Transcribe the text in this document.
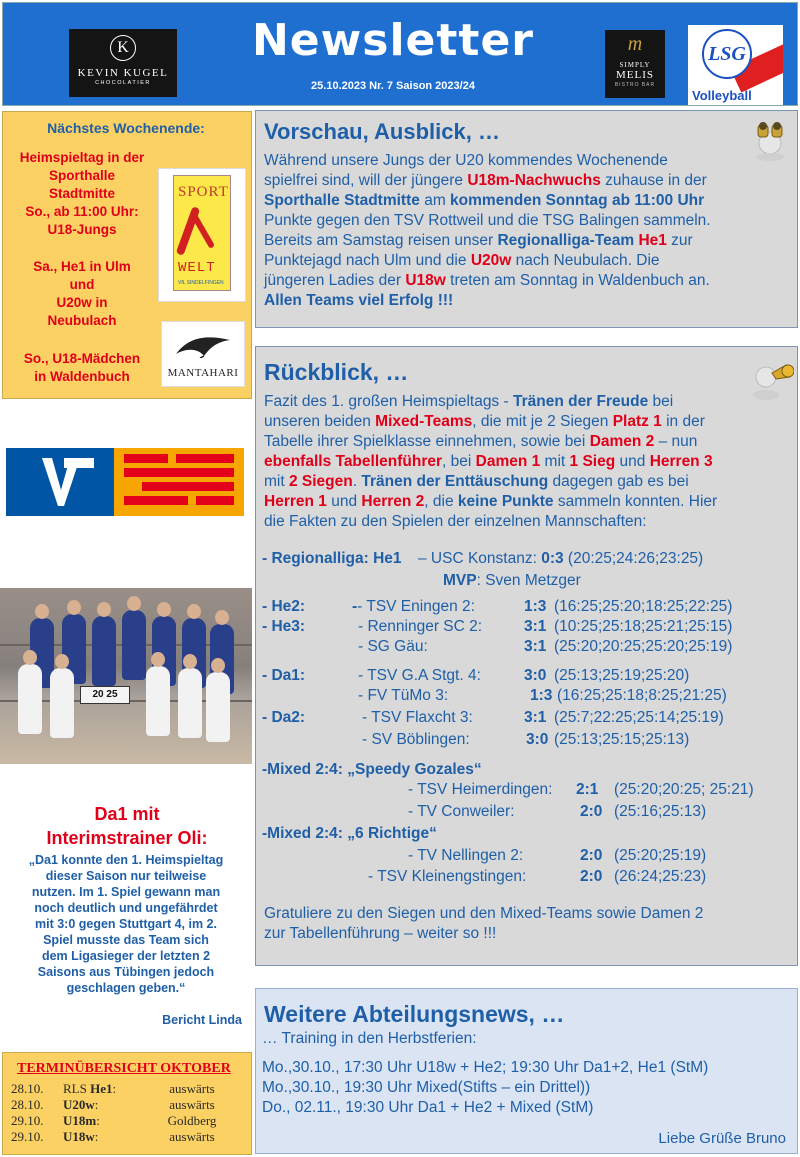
K
KEVIN KUGEL
CHOCOLATIER
Newsletter
25.10.2023 Nr. 7 Saison 2023/24
m
SIMPLY
MELIS
BISTRO BAR
LSG
Volleyball
Nächstes Wochenende:
Heimspieltag in der
Sporthalle
Stadtmitte
So., ab 11:00 Uhr:
U18-Jungs
Sa., He1 in Ulm
und
U20w in
Neubulach
So., U18-Mädchen
in Waldenbuch
SPORT
WELT
VfL SINDELFINGEN
MANTAHARI
20 25
Da1 mit
Interimstrainer Oli:
„Da1 konnte den 1. Heimspieltag
dieser Saison nur teilweise
nutzen. Im 1. Spiel gewann man
noch deutlich und ungefährdet
mit 3:0 gegen Stuttgart 4, im 2.
Spiel musste das Team sich
dem Ligasieger der letzten 2
Saisons aus Tübingen jedoch
geschlagen geben.“
Bericht Linda
TERMINÜBERSICHT OKTOBER
28.10. RLS He1:	auswärts
28.10. U20w:	auswärts
29.10. U18m:	Goldberg
29.10. U18w:	auswärts
Vorschau, Ausblick, …
Während unsere Jungs der U20 kommendes Wochenende
spielfrei sind, will der jüngere U18m-Nachwuchs zuhause in der
Sporthalle Stadtmitte am kommenden Sonntag ab 11:00 Uhr
Punkte gegen den TSV Rottweil und die TSG Balingen sammeln.
Bereits am Samstag reisen unser Regionalliga-Team He1 zur
Punktejagd nach Ulm und die U20w nach Neubulach. Die
jüngeren Ladies der U18w treten am Sonntag in Waldenbuch an.
Allen Teams viel Erfolg !!!
Rückblick, …
Fazit des 1. großen Heimspieltags - Tränen der Freude bei
unseren beiden Mixed-Teams, die mit je 2 Siegen Platz 1 in der
Tabelle ihrer Spielklasse einnehmen, sowie bei Damen 2 – nun
ebenfalls Tabellenführer, bei Damen 1 mit 1 Sieg und Herren 3
mit 2 Siegen. Tränen der Enttäuschung dagegen gab es bei
Herren 1 und Herren 2, die keine Punkte sammeln konnten. Hier
die Fakten zu den Spielen der einzelnen Mannschaften:
- Regionalliga: He1 – USC Konstanz: 0:3 (20:25;24:26;23:25)
MVP: Sven Metzger
- He2:	-- TSV Eningen 2:	1:3 (16:25;25:20;18:25;22:25)
- He3:	- Renninger SC 2:	3:1 (10:25;25:18;25:21;25:15)
- SG Gäu:	3:1 (25:20;20:25;25:20;25:19)
- Da1:	- TSV G.A Stgt. 4:	3:0 (25:13;25:19;25:20)
- FV TüMo 3:	1:3 (16:25;25:18;8:25;21:25)
- Da2:	- TSV Flaxcht 3:	3:1 (25:7;22:25;25:14;25:19)
- SV Böblingen:	3:0 (25:13;25:15;25:13)
-Mixed 2:4: „Speedy Gozales“
- TSV Heimerdingen: 2:1 (25:20;20:25; 25:21)
- TV Conweiler:	2:0 (25:16;25:13)
-Mixed 2:4: „6 Richtige“
- TV Nellingen 2:	2:0 (25:20;25:19)
- TSV Kleinengstingen:	2:0 (26:24;25:23)
Gratuliere zu den Siegen und den Mixed-Teams sowie Damen 2
zur Tabellenführung – weiter so !!!
Weitere Abteilungsnews, …
… Training in den Herbstferien:
Mo.,30.10., 17:30 Uhr U18w + He2; 19:30 Uhr Da1+2, He1 (StM)
Mo.,30.10., 19:30 Uhr Mixed(Stifts – ein Drittel))
Do., 02.11., 19:30 Uhr Da1 + He2 + Mixed (StM)
Liebe Grüße Bruno
